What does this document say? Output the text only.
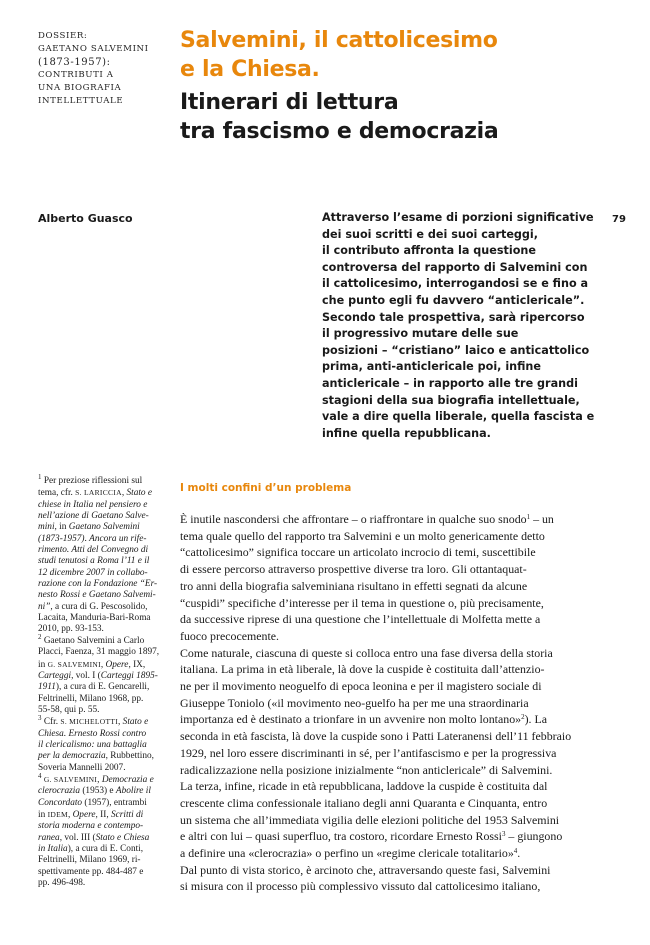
DOSSIER:
GAETANO SALVEMINI
(1873-1957):
CONTRIBUTI A
UNA BIOGRAFIA
INTELLETTUALE
Salvemini, il cattolicesimo
e la Chiesa.
Itinerari di lettura
tra fascismo e democrazia
Alberto Guasco	79
Attraverso l’esame di porzioni significative
dei suoi scritti e dei suoi carteggi,
il contributo affronta la questione
controversa del rapporto di Salvemini con
il cattolicesimo, interrogandosi se e fino a
che punto egli fu davvero “anticlericale”.
Secondo tale prospettiva, sarà ripercorso
il progressivo mutare delle sue
posizioni – “cristiano” laico e anticattolico
prima, anti-anticlericale poi, infine
anticlericale – in rapporto alle tre grandi
stagioni della sua biografia intellettuale,
vale a dire quella liberale, quella fascista e
infine quella repubblicana.
I molti confini d’un problema
È inutile nascondersi che affrontare – o riaffrontare in qualche suo snodo$^1$ – un
tema quale quello del rapporto tra Salvemini e un molto genericamente detto
“cattolicesimo” significa toccare un articolato incrocio di temi, suscettibile
di essere percorso attraverso prospettive diverse tra loro. Gli ottantaquat-
tro anni della biografia salveminiana risultano in effetti segnati da alcune
“cuspidi” specifiche d’interesse per il tema in questione o, più precisamente,
da successive riprese di una questione che l’intellettuale di Molfetta mette a
fuoco precocemente.
Come naturale, ciascuna di queste si colloca entro una fase diversa della storia
italiana. La prima in età liberale, là dove la cuspide è costituita dall’attenzio-
ne per il movimento neoguelfo di epoca leonina e per il magistero sociale di
Giuseppe Toniolo («il movimento neo-guelfo ha per me una straordinaria
importanza ed è destinato a trionfare in un avvenire non molto lontano»$^2$). La
seconda in età fascista, là dove la cuspide sono i Patti Lateranensi dell’11 febbraio
1929, nel loro essere discriminanti in sé, per l’antifascismo e per la progressiva
radicalizzazione nella posizione inizialmente “non anticlericale” di Salvemini.
La terza, infine, ricade in età repubblicana, laddove la cuspide è costituita dal
crescente clima confessionale italiano degli anni Quaranta e Cinquanta, entro
un sistema che all’immediata vigilia delle elezioni politiche del 1953 Salvemini
e altri con lui – quasi superfluo, tra costoro, ricordare Ernesto Rossi$^3$ – giungono
a definire una «clerocrazia» o perfino un «regime clericale totalitario»$^4$.
Dal punto di vista storico, è arcinoto che, attraversando queste fasi, Salvemini
si misura con il processo più complessivo vissuto dal cattolicesimo italiano,
$^1$ Per preziose riflessioni sul
tema, cfr. S. LARICCIA, Stato e
chiese in Italia nel pensiero e
nell’azione di Gaetano Salve-
mini, in Gaetano Salvemini
(1873-1957). Ancora un rife-
rimento. Atti del Convegno di
studi tenutosi a Roma l’11 e il
12 dicembre 2007 in collabo-
razione con la Fondazione “Er-
nesto Rossi e Gaetano Salvemi-
ni”, a cura di G. Pescosolido,
Lacaita, Manduria-Bari-Roma
2010, pp. 93-153.
$^2$ Gaetano Salvemini a Carlo
Placci, Faenza, 31 maggio 1897,
in G. SALVEMINI, Opere, IX,
Carteggi, vol. I (Carteggi 1895-
1911), a cura di E. Gencarelli,
Feltrinelli, Milano 1968, pp.
55-58, qui p. 55.
$^3$ Cfr. S. MICHELOTTI, Stato e
Chiesa. Ernesto Rossi contro
il clericalismo: una battaglia
per la democrazia, Rubbettino,
Soveria Mannelli 2007.
$^4$ G. SALVEMINI, Democrazia e
clerocrazia (1953) e Abolire il
Concordato (1957), entrambi
in IDEM, Opere, II, Scritti di
storia moderna e contempo-
ranea, vol. III (Stato e Chiesa
in Italia), a cura di E. Conti,
Feltrinelli, Milano 1969, ri-
spettivamente pp. 484-487 e
pp. 496-498.
